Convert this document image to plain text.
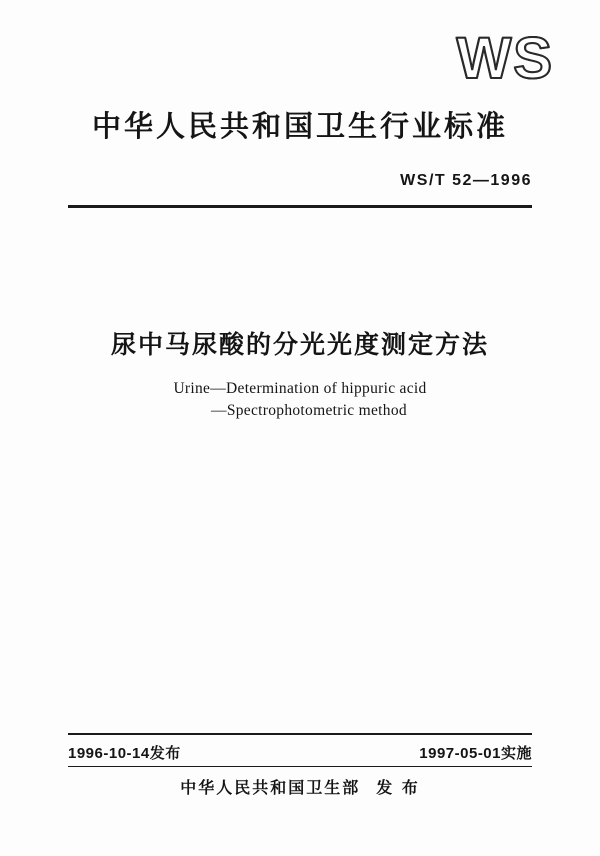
WS
中华人民共和国卫生行业标准
WS/T 52—1996
尿中马尿酸的分光光度测定方法
Urine—Determination of hippuric acid
—Spectrophotometric method
1996-10-14发布	1997-05-01实施
中华人民共和国卫生部 发 布
